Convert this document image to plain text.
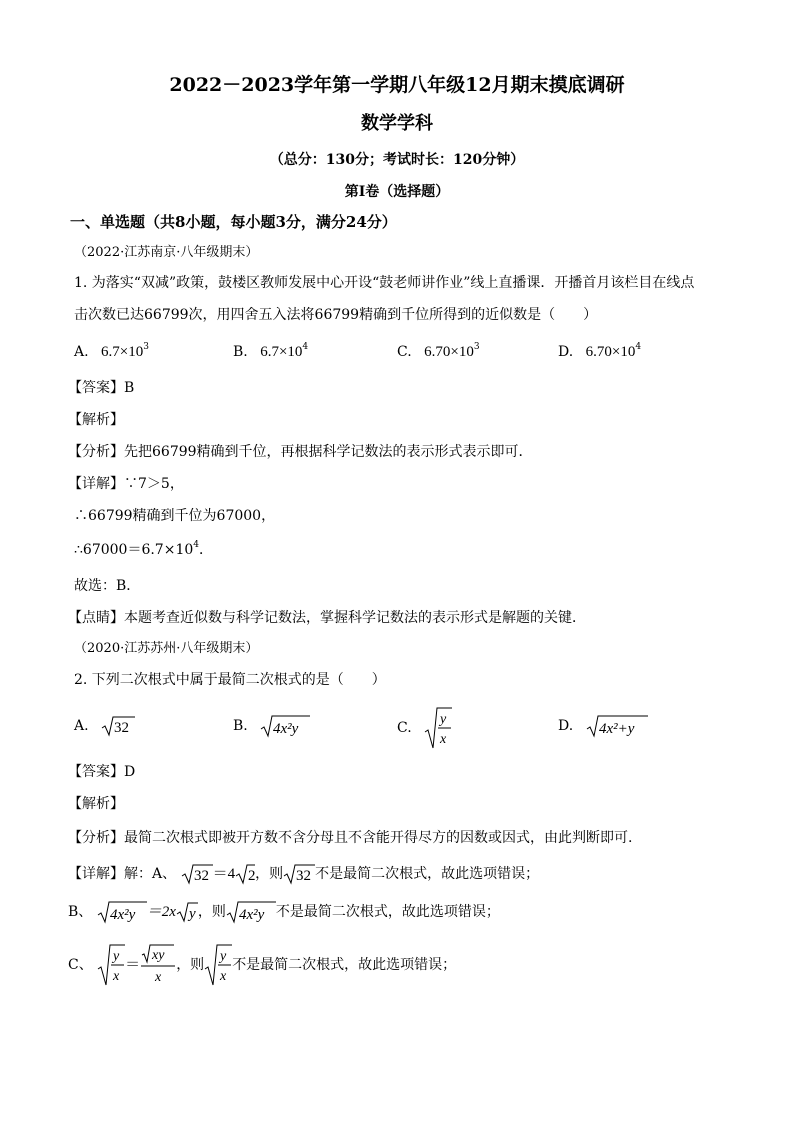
2022－2023学年第一学期八年级12月期末摸底调研
数学学科
（总分：130分；考试时长：120分钟）
第Ⅰ卷（选择题）
一、单选题（共8小题，每小题3分，满分24分）
（2022·江苏南京·八年级期末）
1. 为落实“双减”政策，鼓楼区教师发展中心开设“鼓老师讲作业”线上直播课．开播首月该栏目在线点
击次数已达66799次，用四舍五入法将66799精确到千位所得到的近似数是（　　）
A. $6.7\times 10^3$	B. $6.7\times 10^4$	C. $6.70\times 10^3$	D. $6.70\times 10^4$
【答案】B
【解析】
【分析】先把66799精确到千位，再根据科学记数法的表示形式表示即可．
【详解】∵7＞5，
∴66799精确到千位为67000，
$\therefore 67000=6.7\times 10^4$．
故选：B．
【点睛】本题考查近似数与科学记数法，掌握科学记数法的表示形式是解题的关键．
（2020·江苏苏州·八年级期末）
2. 下列二次根式中属于最简二次根式的是（　　）
A. 32	B. 4x²y	C.
y
x
D. 4x²+y
【答案】D
【解析】
【分析】最简二次根式即被开方数不含分母且不含能开得尽方的因数或因式，由此判断即可.
【详解】解：A、 32 ＝4 2 ，则 32 不是最简二次根式，故此选项错误；
B、 4x²y ＝2x y ，则 4x²y 不是最简二次根式，故此选项错误；
C、
y
x
＝
xy
x
，则
y
x
不是最简二次根式，故此选项错误；
